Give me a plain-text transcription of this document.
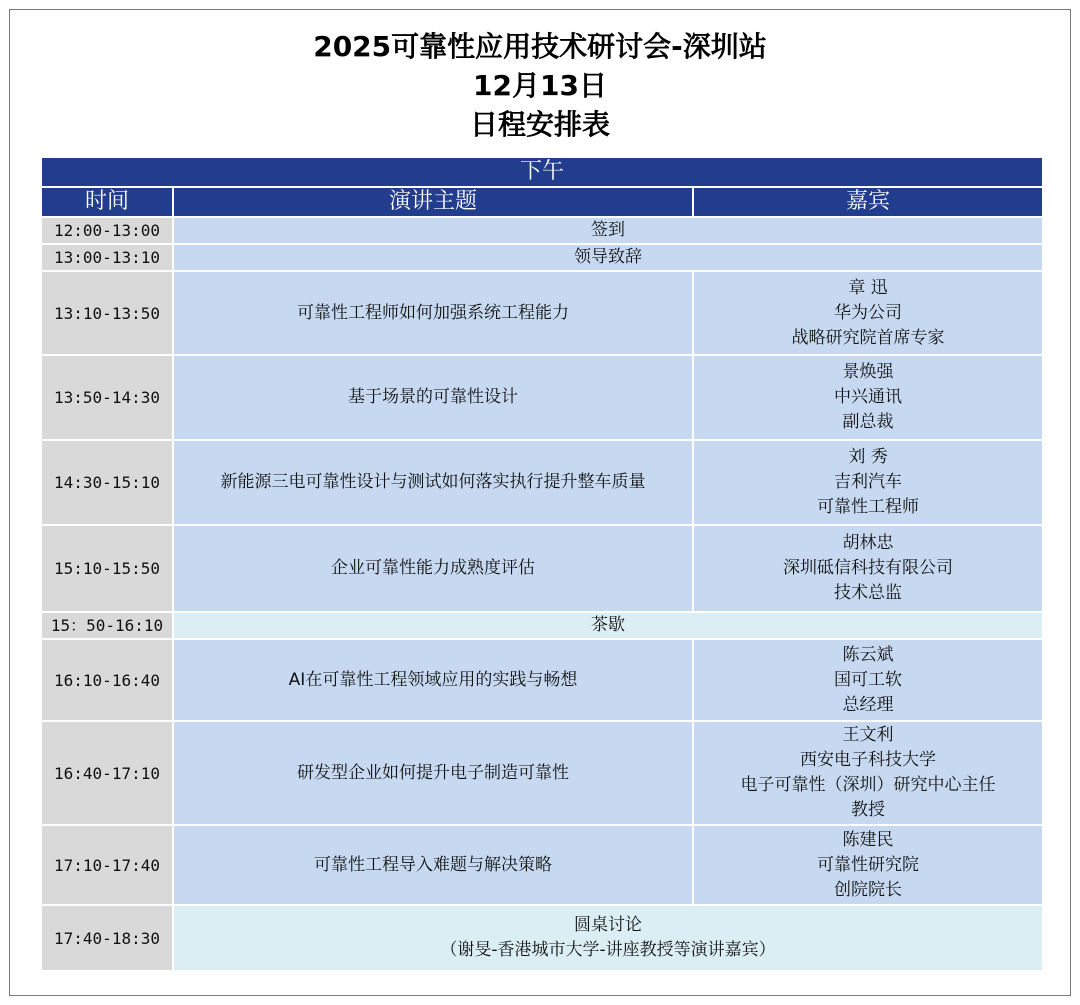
2025可靠性应用技术研讨会-深圳站
12月13日
日程安排表
下午		
时间	演讲主题	嘉宾
12:00-13:00	签到	
13:00-13:10	领导致辞	
13:10-13:50	可靠性工程师如何加强系统工程能力	章 迅
华为公司
战略研究院首席专家

13:50-14:30	基于场景的可靠性设计	景焕强
中兴通讯
副总裁

14:30-15:10	新能源三电可靠性设计与测试如何落实执行提升整车质量	刘 秀
吉利汽车
可靠性工程师

15:10-15:50	企业可靠性能力成熟度评估	胡林忠
深圳砥信科技有限公司
技术总监

15：50-16:10	茶歇	
16:10-16:40	AI在可靠性工程领域应用的实践与畅想	陈云斌
国可工软
总经理

16:40-17:10	研发型企业如何提升电子制造可靠性	王文利
西安电子科技大学
电子可靠性（深圳）研究中心主任
教授

17:10-17:40	可靠性工程导入难题与解决策略	陈建民
可靠性研究院
创院院长

17:40-18:30	圆桌讨论
（谢旻-香港城市大学-讲座教授等演讲嘉宾）	
